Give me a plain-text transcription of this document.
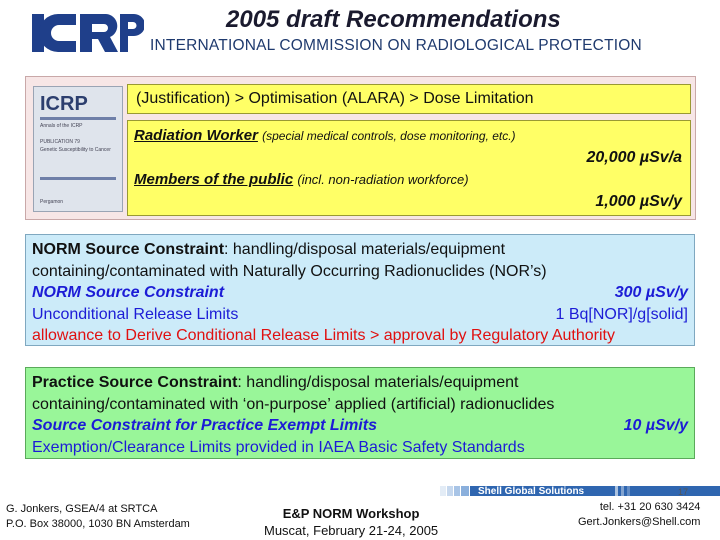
2005 draft Recommendations
INTERNATIONAL COMMISSION ON RADIOLOGICAL PROTECTION
ICRP
Annals of the ICRP
PUBLICATION 79
Genetic Susceptibility to Cancer
Pergamon
(Justification) > Optimisation (ALARA) > Dose Limitation
Radiation Worker (special medical controls, dose monitoring, etc.)
20,000 µSv/a
Members of the public (incl. non-radiation workforce)
1,000 µSv/y
NORM Source Constraint: handling/disposal materials/equipment
containing/contaminated with Naturally Occurring Radionuclides (NOR’s)
NORM Source Constraint	300 µSv/y
Unconditional Release Limits	1 Bq[NOR]/g[solid]
allowance to Derive Conditional Release Limits > approval by Regulatory Authority
Practice Source Constraint: handling/disposal materials/equipment
containing/contaminated with ‘on-purpose’ applied (artificial) radionuclides
Source Constraint for Practice Exempt Limits	10 µSv/y
Exemption/Clearance Limits provided in IAEA Basic Safety Standards
Shell Global Solutions	17
G. Jonkers, GSEA/4 at SRTCA
P.O. Box 38000, 1030 BN Amsterdam
E&P NORM Workshop
Muscat, February 21-24, 2005
tel. +31 20 630 3424
Gert.Jonkers@Shell.com
